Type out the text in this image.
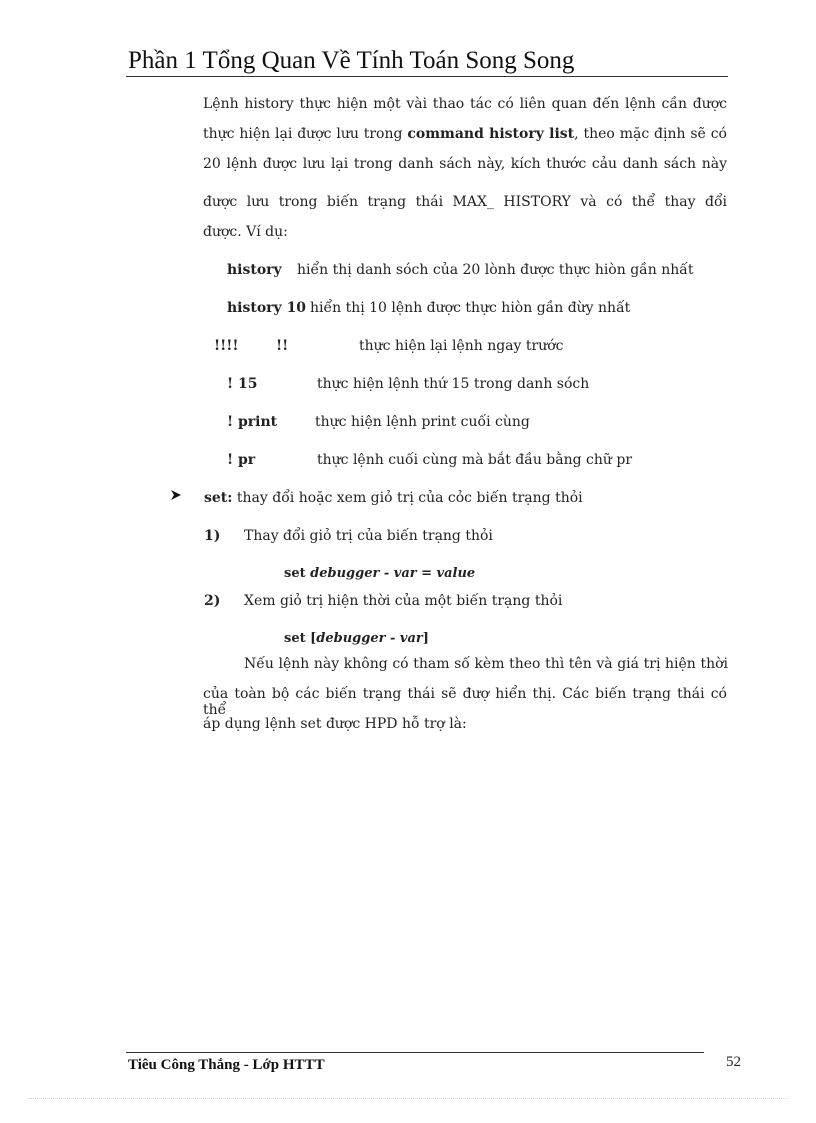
Phần 1 Tổng Quan Về Tính Toán Song Song
Lệnh history thực hiện một vài thao tác có liên quan đến lệnh cần được
thực hiện lại được lưu trong command history list, theo mặc định sẽ có
20 lệnh được lưu lại trong danh sách này, kích thước cảu danh sách này
được lưu trong biến trạng thái MAX_ HISTORY và có thể thay đổi
được. Ví dụ:
history hiển thị danh sóch của 20 lònh được thực hiòn gần nhất
history 10 hiển thị 10 lệnh được thực hiòn gần đừy nhất
!!!!	!!	thực hiện lại lệnh ngay trước
! 15	thực hiện lệnh thứ 15 trong danh sóch
! print	thực hiện lệnh print cuối cùng
! pr	thực lệnh cuối cùng mà bắt đầu bằng chữ pr
set: thay đổi hoặc xem giỏ trị của cỏc biến trạng thỏi
1) Thay đổi giỏ trị của biến trạng thỏi
set debugger - var = value
2) Xem giỏ trị hiện thời của một biến trạng thỏi
set [debugger - var]
Nếu lệnh này không có tham số kèm theo thì tên và giá trị hiện thời
của toàn bộ các biến trạng thái sẽ đượ hiển thị. Các biến trạng thái có thể
áp dụng lệnh set được HPD hỗ trợ là:
Tiêu Công Thắng - Lớp HTTT	52
